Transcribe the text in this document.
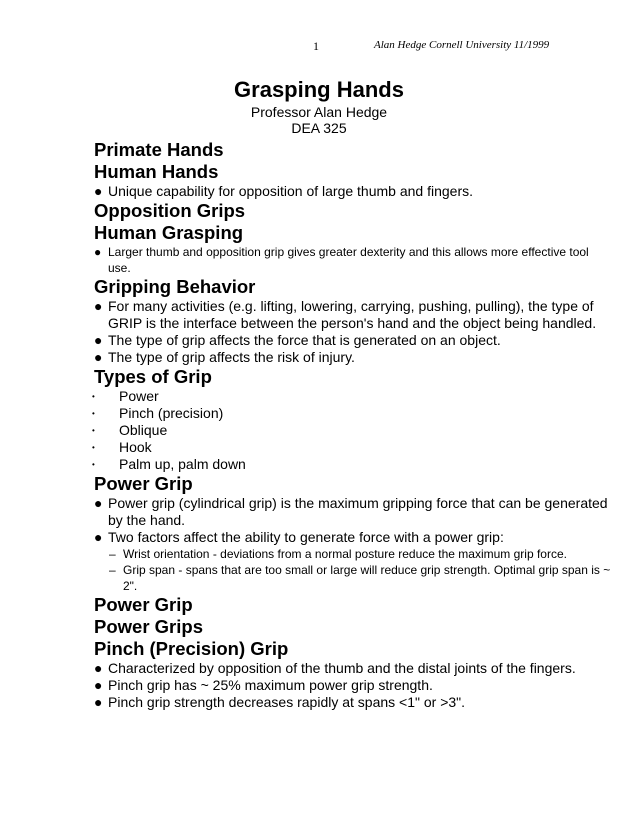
1	Alan Hedge Cornell University 11/1999
Grasping Hands
Professor Alan Hedge
DEA 325
Primate Hands
Human Hands
● Unique capability for opposition of large thumb and fingers.
Opposition Grips
Human Grasping
● Larger thumb and opposition grip gives greater dexterity and this allows more effective tool use.
Gripping Behavior
● For many activities (e.g. lifting, lowering, carrying, pushing, pulling), the type of GRIP is the interface between the person's hand and the object being handled.
● The type of grip affects the force that is generated on an object.
● The type of grip affects the risk of injury.
Types of Grip
• Power
• Pinch (precision)
• Oblique
• Hook
• Palm up, palm down
Power Grip
● Power grip (cylindrical grip) is the maximum gripping force that can be generated by the hand.
● Two factors affect the ability to generate force with a power grip:
– Wrist orientation - deviations from a normal posture reduce the maximum grip force.
– Grip span - spans that are too small or large will reduce grip strength. Optimal grip span is ~ 2".
Power Grip
Power Grips
Pinch (Precision) Grip
● Characterized by opposition of the thumb and the distal joints of the fingers.
● Pinch grip has ~ 25% maximum power grip strength.
● Pinch grip strength decreases rapidly at spans <1" or >3".
